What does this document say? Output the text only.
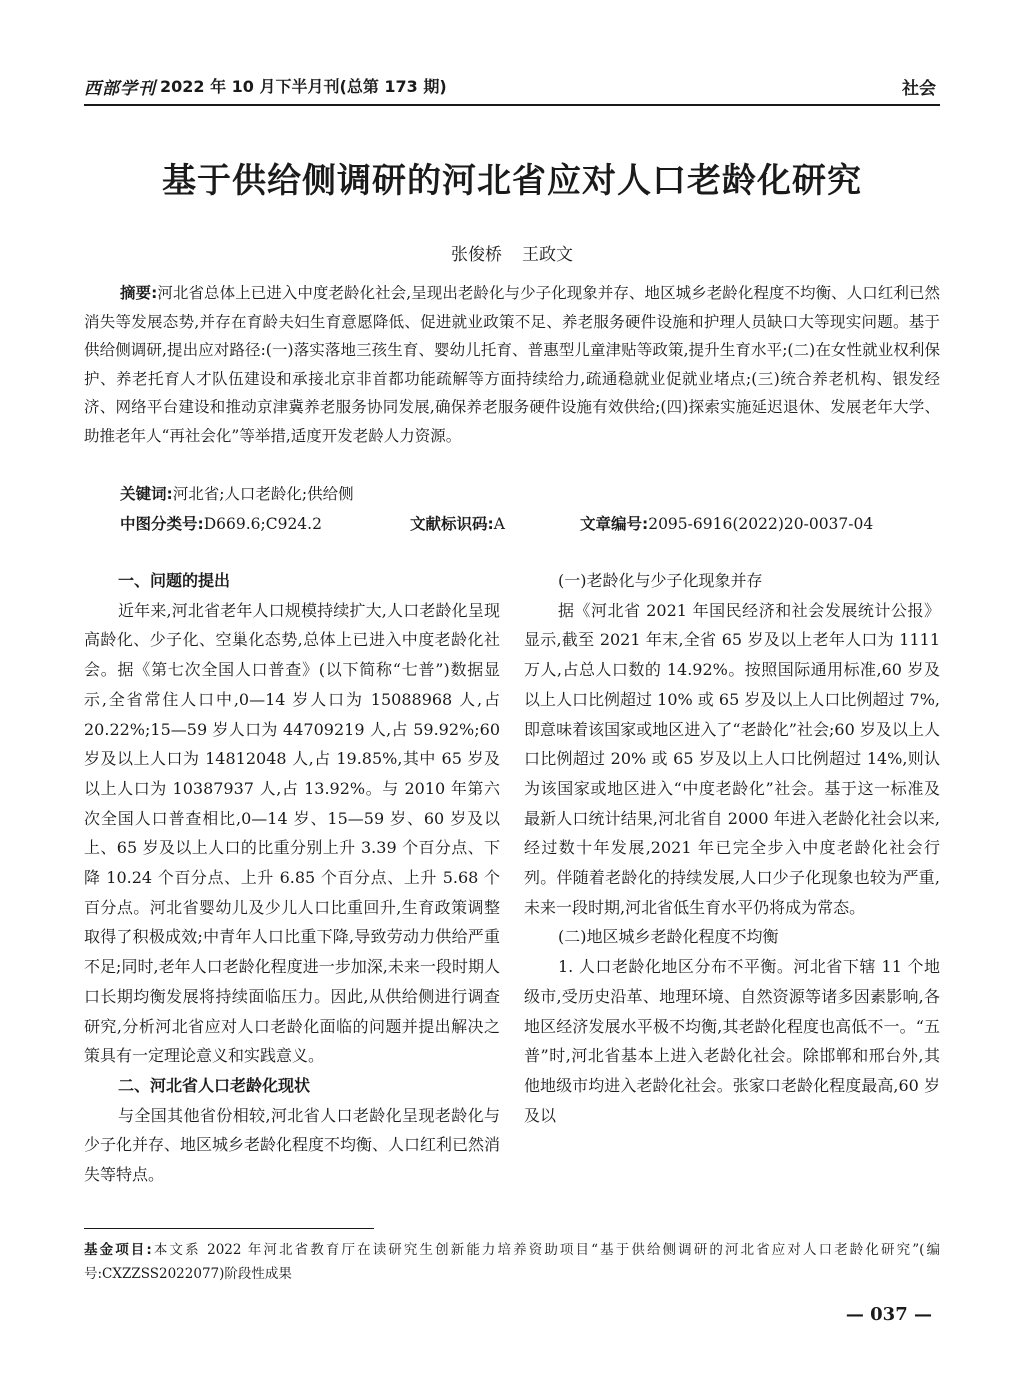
西部学刊 2022 年 10 月下半月刊(总第 173 期)	社会
基于供给侧调研的河北省应对人口老龄化研究
张俊桥 王政文

摘要:河北省总体上已进入中度老龄化社会,呈现出老龄化与少子化现象并存、地区城乡老龄化程度不均衡、人口红利已然消失等发展态势,并存在育龄夫妇生育意愿降低、促进就业政策不足、养老服务硬件设施和护理人员缺口大等现实问题。基于供给侧调研,提出应对路径:(一)落实落地三孩生育、婴幼儿托育、普惠型儿童津贴等政策,提升生育水平;(二)在女性就业权利保护、养老托育人才队伍建设和承接北京非首都功能疏解等方面持续给力,疏通稳就业促就业堵点;(三)统合养老机构、银发经济、网络平台建设和推动京津冀养老服务协同发展,确保养老服务硬件设施有效供给;(四)探索实施延迟退休、发展老年大学、助推老年人“再社会化”等举措,适度开发老龄人力资源。

关键词:河北省;人口老龄化;供给侧
中图分类号:D669.6;C924.2	文献标识码:A	文章编号:2095-6916(2022)20-0037-04
一、问题的提出

近年来,河北省老年人口规模持续扩大,人口老龄化呈现高龄化、少子化、空巢化态势,总体上已进入中度老龄化社会。据《第七次全国人口普查》(以下简称“七普”)数据显示,全省常住人口中,0—14 岁人口为 15088968 人,占 20.22%;15—59 岁人口为 44709219 人,占 59.92%;60 岁及以上人口为 14812048 人,占 19.85%,其中 65 岁及以上人口为 10387937 人,占 13.92%。与 2010 年第六次全国人口普查相比,0—14 岁、15—59 岁、60 岁及以上、65 岁及以上人口的比重分别上升 3.39 个百分点、下降 10.24 个百分点、上升 6.85 个百分点、上升 5.68 个百分点。河北省婴幼儿及少儿人口比重回升,生育政策调整取得了积极成效;中青年人口比重下降,导致劳动力供给严重不足;同时,老年人口老龄化程度进一步加深,未来一段时期人口长期均衡发展将持续面临压力。因此,从供给侧进行调查研究,分析河北省应对人口老龄化面临的问题并提出解决之策具有一定理论意义和实践意义。

二、河北省人口老龄化现状

与全国其他省份相较,河北省人口老龄化呈现老龄化与少子化并存、地区城乡老龄化程度不均衡、人口红利已然消失等特点。

(一)老龄化与少子化现象并存

据《河北省 2021 年国民经济和社会发展统计公报》显示,截至 2021 年末,全省 65 岁及以上老年人口为 1111 万人,占总人口数的 14.92%。按照国际通用标准,60 岁及以上人口比例超过 10% 或 65 岁及以上人口比例超过 7%,即意味着该国家或地区进入了“老龄化”社会;60 岁及以上人口比例超过 20% 或 65 岁及以上人口比例超过 14%,则认为该国家或地区进入“中度老龄化”社会。基于这一标准及最新人口统计结果,河北省自 2000 年进入老龄化社会以来,经过数十年发展,2021 年已完全步入中度老龄化社会行列。伴随着老龄化的持续发展,人口少子化现象也较为严重,未来一段时期,河北省低生育水平仍将成为常态。

(二)地区城乡老龄化程度不均衡

1. 人口老龄化地区分布不平衡。河北省下辖 11 个地级市,受历史沿革、地理环境、自然资源等诸多因素影响,各地区经济发展水平极不均衡,其老龄化程度也高低不一。“五普”时,河北省基本上进入老龄化社会。除邯郸和邢台外,其他地级市均进入老龄化社会。张家口老龄化程度最高,60 岁及以

基金项目:本文系 2022 年河北省教育厅在读研究生创新能力培养资助项目“基于供给侧调研的河北省应对人口老龄化研究”(编号:CXZZSS2022077)阶段性成果

— 037 —
